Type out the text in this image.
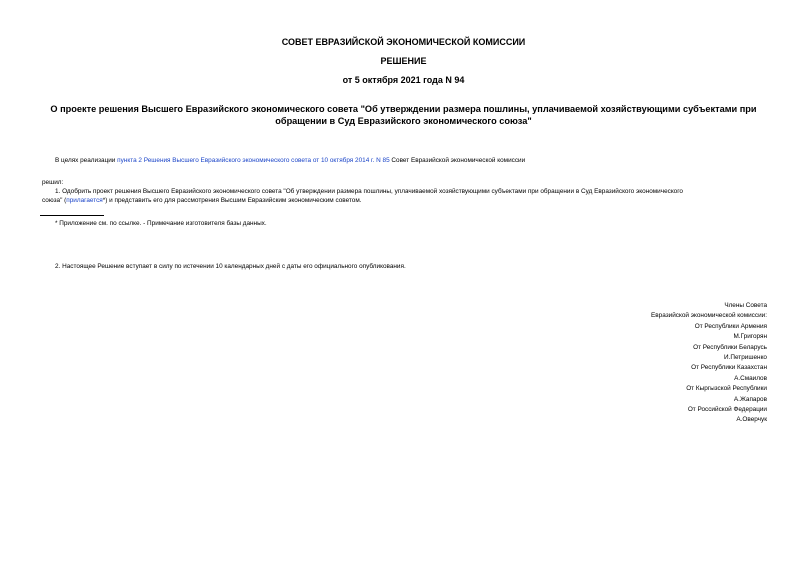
СОВЕТ ЕВРАЗИЙСКОЙ ЭКОНОМИЧЕСКОЙ КОМИССИИ
РЕШЕНИЕ
от 5 октября 2021 года N 94
О проекте решения Высшего Евразийского экономического совета "Об утверждении размера пошлины, уплачиваемой хозяйствующими субъектами при обращении в Суд Евразийского экономического союза"
В целях реализации пункта 2 Решения Высшего Евразийского экономического совета от 10 октября 2014 г. N 85 Совет Евразийской экономической комиссии
решил:
1. Одобрить проект решения Высшего Евразийского экономического совета "Об утверждении размера пошлины, уплачиваемой хозяйствующими субъектами при обращении в Суд Евразийского экономического
союза" (прилагается*) и представить его для рассмотрения Высшим Евразийским экономическим советом.
* Приложение см. по ссылке. - Примечание изготовителя базы данных.
2. Настоящее Решение вступает в силу по истечении 10 календарных дней с даты его официального опубликования.
Члены Совета
Евразийской экономической комиссии:
От Республики Армения
М.Григорян
От Республики Беларусь
И.Петришенко
От Республики Казахстан
А.Смаилов
От Кыргызской Республики
А.Жапаров
От Российской Федерации
А.Оверчук
